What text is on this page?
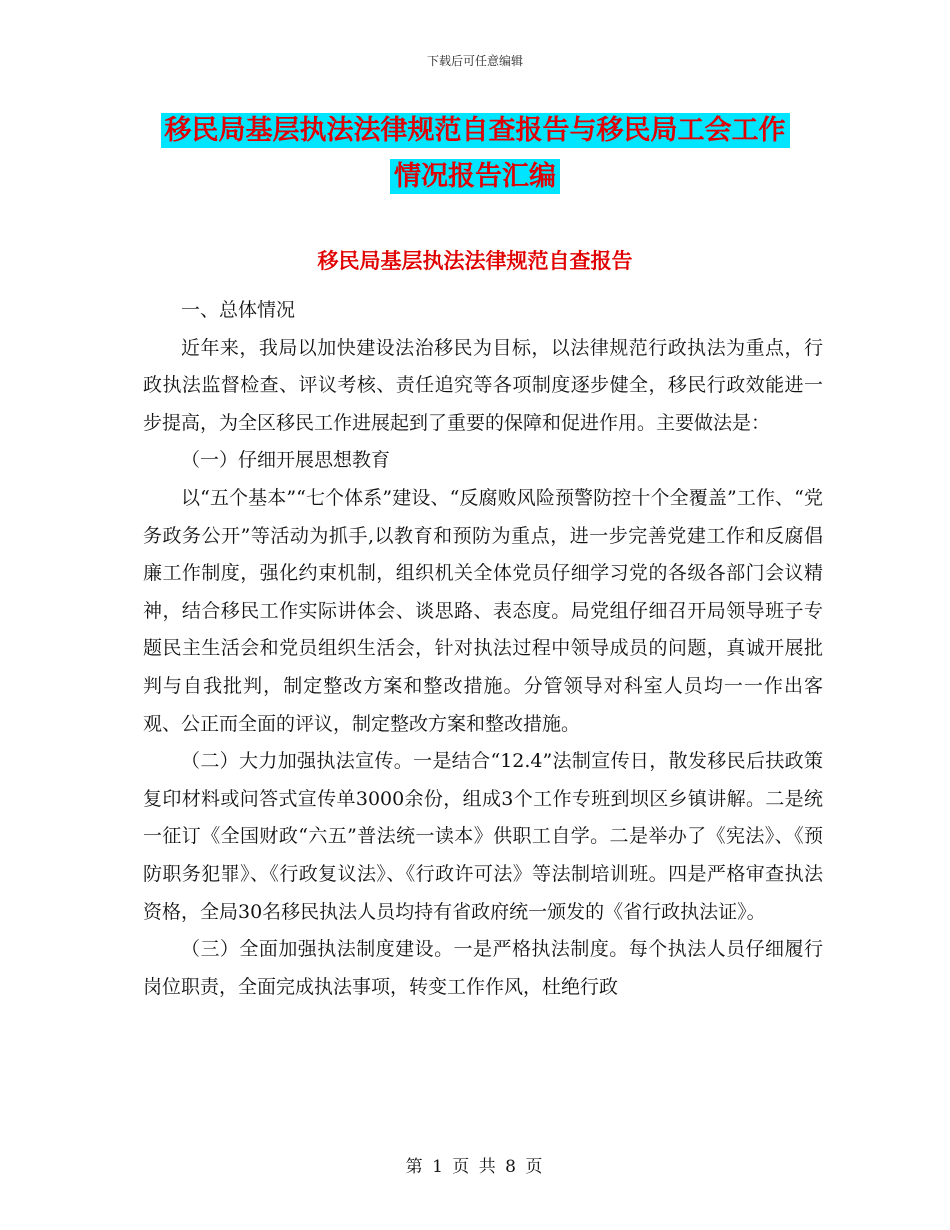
下载后可任意编辑
移民局基层执法法律规范自查报告与移民局工会工作
情况报告汇编
移民局基层执法法律规范自查报告

一、总体情况

近年来，我局以加快建设法治移民为目标，以法律规范行政执法为重点，行政执法监督检查、评议考核、责任追究等各项制度逐步健全，移民行政效能进一步提高，为全区移民工作进展起到了重要的保障和促进作用。主要做法是：

（一）仔细开展思想教育

以“五个基本”“七个体系”建设、“反腐败风险预警防控十个全覆盖”工作、“党务政务公开”等活动为抓手,以教育和预防为重点，进一步完善党建工作和反腐倡廉工作制度，强化约束机制，组织机关全体党员仔细学习党的各级各部门会议精神，结合移民工作实际讲体会、谈思路、表态度。局党组仔细召开局领导班子专题民主生活会和党员组织生活会，针对执法过程中领导成员的问题，真诚开展批判与自我批判，制定整改方案和整改措施。分管领导对科室人员均一一作出客观、公正而全面的评议，制定整改方案和整改措施。

（二）大力加强执法宣传。一是结合“12.4”法制宣传日，散发移民后扶政策复印材料或问答式宣传单3000余份，组成3个工作专班到坝区乡镇讲解。二是统一征订《全国财政“六五”普法统一读本》供职工自学。二是举办了《宪法》、《预防职务犯罪》、《行政复议法》、《行政许可法》等法制培训班。四是严格审查执法资格，全局30名移民执法人员均持有省政府统一颁发的《省行政执法证》。

（三）全面加强执法制度建设。一是严格执法制度。每个执法人员仔细履行岗位职责，全面完成执法事项，转变工作作风，杜绝行政

第 1 页 共 8 页
